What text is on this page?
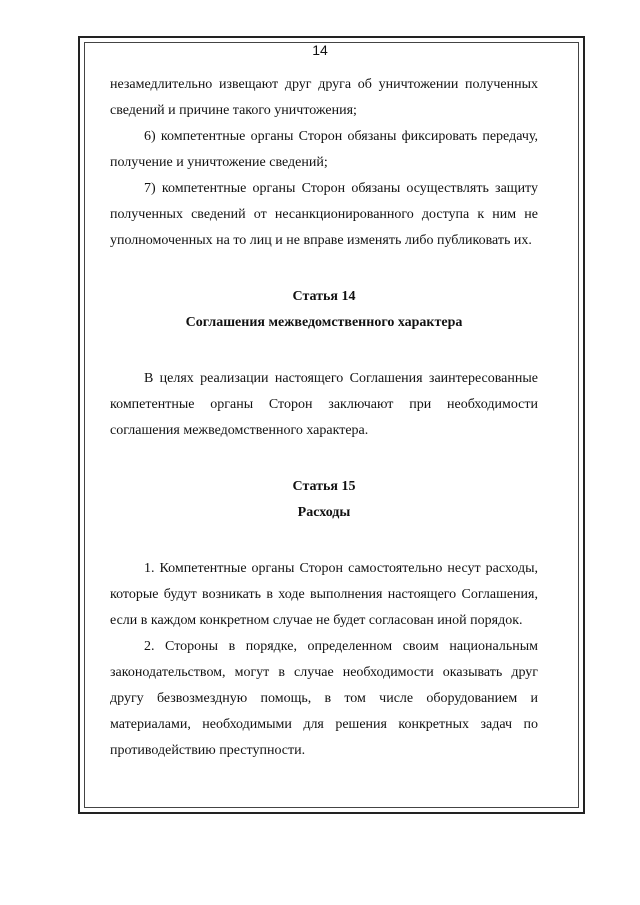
14

незамедлительно извещают друг друга об уничтожении полученных сведений и причине такого уничтожения;

6) компетентные органы Сторон обязаны фиксировать передачу, получение и уничтожение сведений;

7) компетентные органы Сторон обязаны осуществлять защиту полученных сведений от несанкционированного доступа к ним не уполномоченных на то лиц и не вправе изменять либо публиковать их.

Статья 14

Соглашения межведомственного характера

В целях реализации настоящего Соглашения заинтересованные компетентные органы Сторон заключают при необходимости соглашения межведомственного характера.

Статья 15

Расходы

1. Компетентные органы Сторон самостоятельно несут расходы, которые будут возникать в ходе выполнения настоящего Соглашения, если в каждом конкретном случае не будет согласован иной порядок.

2. Стороны в порядке, определенном своим национальным законодательством, могут в случае необходимости оказывать друг другу безвозмездную помощь, в том числе оборудованием и материалами, необходимыми для решения конкретных задач по противодействию преступности.
